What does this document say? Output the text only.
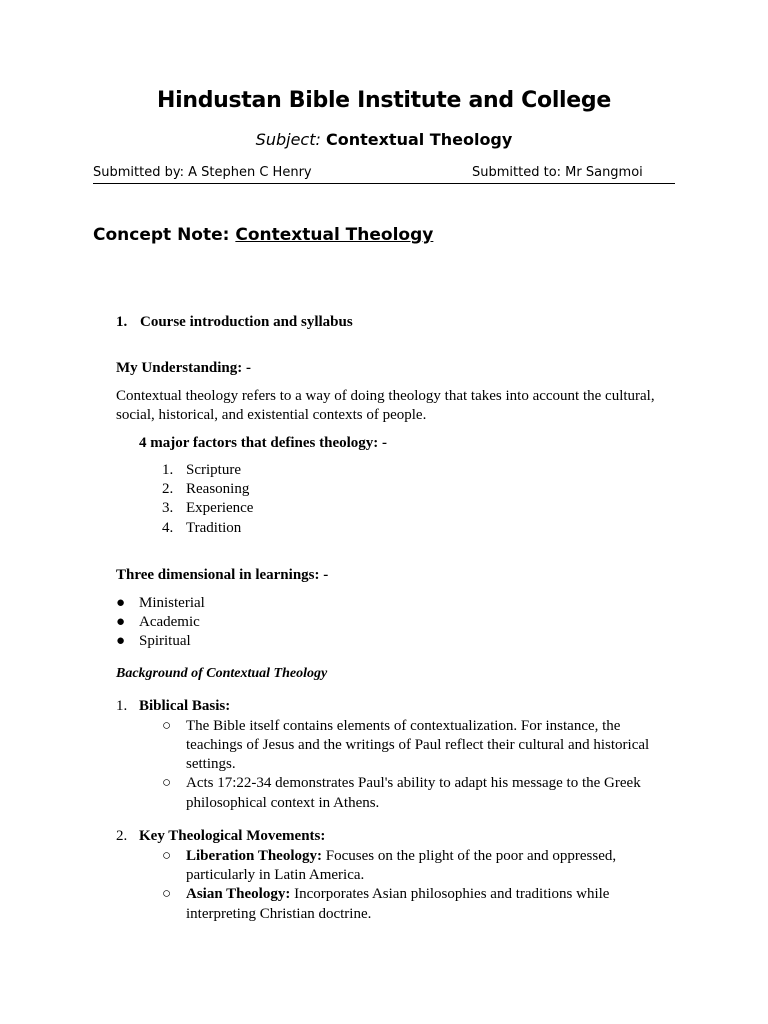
Hindustan Bible Institute and College
Subject: Contextual Theology
Submitted by: A Stephen C Henry	Submitted to: Mr Sangmoi
Concept Note: Contextual Theology
1. Course introduction and syllabus
My Understanding: -
Contextual theology refers to a way of doing theology that takes into account the cultural,
social, historical, and existential contexts of people.
4 major factors that defines theology: -
1. Scripture
2. Reasoning
3. Experience
4. Tradition
Three dimensional in learnings: -
● Ministerial
● Academic
● Spiritual
Background of Contextual Theology
1. Biblical Basis:
○ The Bible itself contains elements of contextualization. For instance, the
teachings of Jesus and the writings of Paul reflect their cultural and historical
settings.
○ Acts 17:22-34 demonstrates Paul's ability to adapt his message to the Greek
philosophical context in Athens.
2. Key Theological Movements:
○ Liberation Theology: Focuses on the plight of the poor and oppressed,
particularly in Latin America.
○ Asian Theology: Incorporates Asian philosophies and traditions while
interpreting Christian doctrine.
